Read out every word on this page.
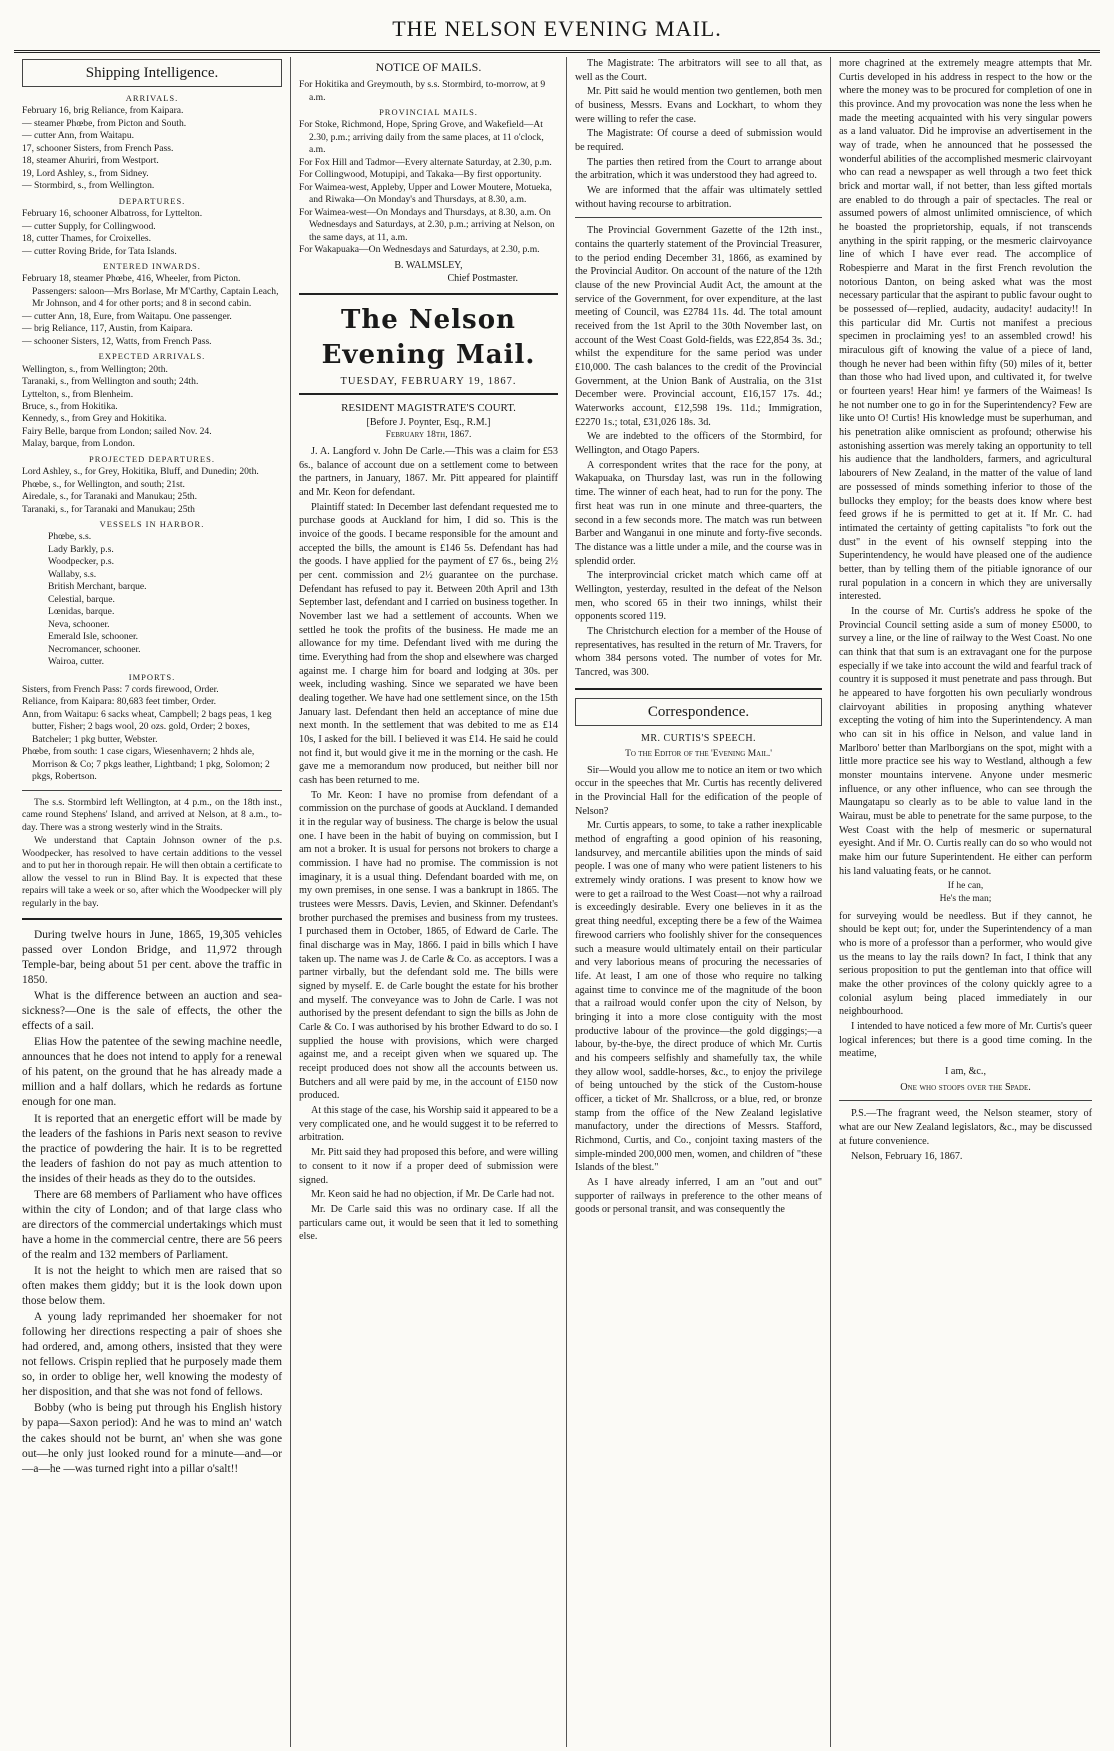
THE NELSON EVENING MAIL.
Shipping Intelligence.
ARRIVALS.

February 16, brig Reliance, from Kaipara.

— steamer Phœbe, from Picton and South.

— cutter Ann, from Waitapu.

17, schooner Sisters, from French Pass.

18, steamer Ahuriri, from Westport.

19, Lord Ashley, s., from Sidney.

— Stormbird, s., from Wellington.

DEPARTURES.

February 16, schooner Albatross, for Lyttelton.

— cutter Supply, for Collingwood.

18, cutter Thames, for Croixelles.

— cutter Roving Bride, for Tata Islands.

ENTERED INWARDS.

February 18, steamer Phœbe, 416, Wheeler, from Picton. Passengers: saloon—Mrs Borlase, Mr M'Carthy, Captain Leach, Mr Johnson, and 4 for other ports; and 8 in second cabin.

— cutter Ann, 18, Eure, from Waitapu. One passenger.

— brig Reliance, 117, Austin, from Kaipara.

— schooner Sisters, 12, Watts, from French Pass.

EXPECTED ARRIVALS.

Wellington, s., from Wellington; 20th.

Taranaki, s., from Wellington and south; 24th.

Lyttelton, s., from Blenheim.

Bruce, s., from Hokitika.

Kennedy, s., from Grey and Hokitika.

Fairy Belle, barque from London; sailed Nov. 24.

Malay, barque, from London.

PROJECTED DEPARTURES.

Lord Ashley, s., for Grey, Hokitika, Bluff, and Dunedin; 20th.

Phœbe, s., for Wellington, and south; 21st.

Airedale, s., for Taranaki and Manukau; 25th.

Taranaki, s., for Taranaki and Manukau; 25th

VESSELS IN HARBOR.

Phœbe, s.s.

Lady Barkly, p.s.

Woodpecker, p.s.

Wallaby, s.s.

British Merchant, barque.

Celestial, barque.

Lœnidas, barque.

Neva, schooner.

Emerald Isle, schooner.

Necromancer, schooner.

Wairoa, cutter.

IMPORTS.

Sisters, from French Pass: 7 cords firewood, Order.

Reliance, from Kaipara: 80,683 feet timber, Order.

Ann, from Waitapu: 6 sacks wheat, Campbell; 2 bags peas, 1 keg butter, Fisher; 2 bags wool, 20 ozs. gold, Order; 2 boxes, Batcheler; 1 pkg butter, Webster.

Phœbe, from south: 1 case cigars, Wiesenhavern; 2 hhds ale, Morrison & Co; 7 pkgs leather, Lightband; 1 pkg, Solomon; 2 pkgs, Robertson.

The s.s. Stormbird left Wellington, at 4 p.m., on the 18th inst., came round Stephens' Island, and arrived at Nelson, at 8 a.m., to-day. There was a strong westerly wind in the Straits.

We understand that Captain Johnson owner of the p.s. Woodpecker, has resolved to have certain additions to the vessel and to put her in thorough repair. He will then obtain a certificate to allow the vessel to run in Blind Bay. It is expected that these repairs will take a week or so, after which the Woodpecker will ply regularly in the bay.

During twelve hours in June, 1865, 19,305 vehicles passed over London Bridge, and 11,972 through Temple-bar, being about 51 per cent. above the traffic in 1850.

What is the difference between an auction and sea-sickness?—One is the sale of effects, the other the effects of a sail.

Elias How the patentee of the sewing machine needle, announces that he does not intend to apply for a renewal of his patent, on the ground that he has already made a million and a half dollars, which he redards as fortune enough for one man.

It is reported that an energetic effort will be made by the leaders of the fashions in Paris next season to revive the practice of powdering the hair. It is to be regretted the leaders of fashion do not pay as much attention to the insides of their heads as they do to the outsides.

There are 68 members of Parliament who have offices within the city of London; and of that large class who are directors of the commercial undertakings which must have a home in the commercial centre, there are 56 peers of the realm and 132 members of Parliament.

It is not the height to which men are raised that so often makes them giddy; but it is the look down upon those below them.

A young lady reprimanded her shoemaker for not following her directions respecting a pair of shoes she had ordered, and, among others, insisted that they were not fellows. Crispin replied that he purposely made them so, in order to oblige her, well knowing the modesty of her disposition, and that she was not fond of fellows.

Bobby (who is being put through his English history by papa—Saxon period): And he was to mind an' watch the cakes should not be burnt, an' when she was gone out—he only just looked round for a minute—and—or—a—he —was turned right into a pillar o'salt!!

NOTICE OF MAILS.

For Hokitika and Greymouth, by s.s. Stormbird, to-morrow, at 9 a.m.

PROVINCIAL MAILS.

For Stoke, Richmond, Hope, Spring Grove, and Wakefield—At 2.30, p.m.; arriving daily from the same places, at 11 o'clock, a.m.

For Fox Hill and Tadmor—Every alternate Saturday, at 2.30, p.m.

For Collingwood, Motupipi, and Takaka—By first opportunity.

For Waimea-west, Appleby, Upper and Lower Moutere, Motueka, and Riwaka—On Monday's and Thursdays, at 8.30, a.m.

For Waimea-west—On Mondays and Thursdays, at 8.30, a.m. On Wednesdays and Saturdays, at 2.30, p.m.; arriving at Nelson, on the same days, at 11, a.m.

For Wakapuaka—On Wednesdays and Saturdays, at 2.30, p.m.

B. WALMSLEY,

Chief Postmaster.

The Nelson Evening Mail.
TUESDAY, FEBRUARY 19, 1867.
RESIDENT MAGISTRATE'S COURT.
[Before J. Poynter, Esq., R.M.]
February 18th, 1867.

J. A. Langford v. John De Carle.—This was a claim for £53 6s., balance of account due on a settlement come to between the partners, in January, 1867. Mr. Pitt appeared for plaintiff and Mr. Keon for defendant.

Plaintiff stated: In December last defendant requested me to purchase goods at Auckland for him, I did so. This is the invoice of the goods. I became responsible for the amount and accepted the bills, the amount is £146 5s. Defendant has had the goods. I have applied for the payment of £7 6s., being 2½ per cent. commission and 2½ guarantee on the purchase. Defendant has refused to pay it. Between 20th April and 13th September last, defendant and I carried on business together. In November last we had a settlement of accounts. When we settled he took the profits of the business. He made me an allowance for my time. Defendant lived with me during the time. Everything had from the shop and elsewhere was charged against me. I charge him for board and lodging at 30s. per week, including washing. Since we separated we have been dealing together. We have had one settlement since, on the 15th January last. Defendant then held an acceptance of mine due next month. In the settlement that was debited to me as £14 10s, I asked for the bill. I believed it was £14. He said he could not find it, but would give it me in the morning or the cash. He gave me a memorandum now produced, but neither bill nor cash has been returned to me.

To Mr. Keon: I have no promise from defendant of a commission on the purchase of goods at Auckland. I demanded it in the regular way of business. The charge is below the usual one. I have been in the habit of buying on commission, but I am not a broker. It is usual for persons not brokers to charge a commission. I have had no promise. The commission is not imaginary, it is a usual thing. Defendant boarded with me, on my own premises, in one sense. I was a bankrupt in 1865. The trustees were Messrs. Davis, Levien, and Skinner. Defendant's brother purchased the premises and business from my trustees. I purchased them in October, 1865, of Edward de Carle. The final discharge was in May, 1866. I paid in bills which I have taken up. The name was J. de Carle & Co. as acceptors. I was a partner virbally, but the defendant sold me. The bills were signed by myself. E. de Carle bought the estate for his brother and myself. The conveyance was to John de Carle. I was not authorised by the present defendant to sign the bills as John de Carle & Co. I was authorised by his brother Edward to do so. I supplied the house with provisions, which were charged against me, and a receipt given when we squared up. The receipt produced does not show all the accounts between us. Butchers and all were paid by me, in the account of £150 now produced.

At this stage of the case, his Worship said it appeared to be a very complicated one, and he would suggest it to be referred to arbitration.

Mr. Pitt said they had proposed this before, and were willing to consent to it now if a proper deed of submission were signed.

Mr. Keon said he had no objection, if Mr. De Carle had not.

Mr. De Carle said this was no ordinary case. If all the particulars came out, it would be seen that it led to something else.

The Magistrate: The arbitrators will see to all that, as well as the Court.

Mr. Pitt said he would mention two gentlemen, both men of business, Messrs. Evans and Lockhart, to whom they were willing to refer the case.

The Magistrate: Of course a deed of submission would be required.

The parties then retired from the Court to arrange about the arbitration, which it was understood they had agreed to.

We are informed that the affair was ultimately settled without having recourse to arbitration.

The Provincial Government Gazette of the 12th inst., contains the quarterly statement of the Provincial Treasurer, to the period ending December 31, 1866, as examined by the Provincial Auditor. On account of the nature of the 12th clause of the new Provincial Audit Act, the amount at the service of the Government, for over expenditure, at the last meeting of Council, was £2784 11s. 4d. The total amount received from the 1st April to the 30th November last, on account of the West Coast Gold-fields, was £22,854 3s. 3d.; whilst the expenditure for the same period was under £10,000. The cash balances to the credit of the Provincial Government, at the Union Bank of Australia, on the 31st December were. Provincial account, £16,157 17s. 4d.; Waterworks account, £12,598 19s. 11d.; Immigration, £2270 1s.; total, £31,026 18s. 3d.

We are indebted to the officers of the Stormbird, for Wellington, and Otago Papers.

A correspondent writes that the race for the pony, at Wakapuaka, on Thursday last, was run in the following time. The winner of each heat, had to run for the pony. The first heat was run in one minute and three-quarters, the second in a few seconds more. The match was run between Barber and Wanganui in one minute and forty-five seconds. The distance was a little under a mile, and the course was in splendid order.

The interprovincial cricket match which came off at Wellington, yesterday, resulted in the defeat of the Nelson men, who scored 65 in their two innings, whilst their opponents scored 119.

The Christchurch election for a member of the House of representatives, has resulted in the return of Mr. Travers, for whom 384 persons voted. The number of votes for Mr. Tancred, was 300.

Correspondence.
MR. CURTIS'S SPEECH.
To the Editor of the 'Evening Mail.'

Sir—Would you allow me to notice an item or two which occur in the speeches that Mr. Curtis has recently delivered in the Provincial Hall for the edification of the people of Nelson?

Mr. Curtis appears, to some, to take a rather inexplicable method of engrafting a good opinion of his reasoning, landsurvey, and mercantile abilities upon the minds of said people. I was one of many who were patient listeners to his extremely windy orations. I was present to know how we were to get a railroad to the West Coast—not why a railroad is exceedingly desirable. Every one believes in it as the great thing needful, excepting there be a few of the Waimea firewood carriers who foolishly shiver for the consequences such a measure would ultimately entail on their particular and very laborious means of procuring the necessaries of life. At least, I am one of those who require no talking against time to convince me of the magnitude of the boon that a railroad would confer upon the city of Nelson, by bringing it into a more close contiguity with the most productive labour of the province—the gold diggings;—a labour, by-the-bye, the direct produce of which Mr. Curtis and his compeers selfishly and shamefully tax, the while they allow wool, saddle-horses, &c., to enjoy the privilege of being untouched by the stick of the Custom-house officer, a ticket of Mr. Shallcross, or a blue, red, or bronze stamp from the office of the New Zealand legislative manufactory, under the directions of Messrs. Stafford, Richmond, Curtis, and Co., conjoint taxing masters of the simple-minded 200,000 men, women, and children of "these Islands of the blest."

As I have already inferred, I am an "out and out" supporter of railways in preference to the other means of goods or personal transit, and was consequently the

more chagrined at the extremely meagre attempts that Mr. Curtis developed in his address in respect to the how or the where the money was to be procured for completion of one in this province. And my provocation was none the less when he made the meeting acquainted with his very singular powers as a land valuator. Did he improvise an advertisement in the way of trade, when he announced that he possessed the wonderful abilities of the accomplished mesmeric clairvoyant who can read a newspaper as well through a two feet thick brick and mortar wall, if not better, than less gifted mortals are enabled to do through a pair of spectacles. The real or assumed powers of almost unlimited omniscience, of which he boasted the proprietorship, equals, if not transcends anything in the spirit rapping, or the mesmeric clairvoyance line of which I have ever read. The accomplice of Robespierre and Marat in the first French revolution the notorious Danton, on being asked what was the most necessary particular that the aspirant to public favour ought to be possessed of—replied, audacity, audacity! audacity!! In this particular did Mr. Curtis not manifest a precious specimen in proclaiming yes! to an assembled crowd! his miraculous gift of knowing the value of a piece of land, though he never had been within fifty (50) miles of it, better than those who had lived upon, and cultivated it, for twelve or fourteen years! Hear him! ye farmers of the Waimeas! Is he not number one to go in for the Superintendency? Few are like unto O! Curtis! His knowledge must be superhuman, and his penetration alike omniscient as profound; otherwise his astonishing assertion was merely taking an opportunity to tell his audience that the landholders, farmers, and agricultural labourers of New Zealand, in the matter of the value of land are possessed of minds something inferior to those of the bullocks they employ; for the beasts does know where best feed grows if he is permitted to get at it. If Mr. C. had intimated the certainty of getting capitalists "to fork out the dust" in the event of his ownself stepping into the Superintendency, he would have pleased one of the audience better, than by telling them of the pitiable ignorance of our rural population in a concern in which they are universally interested.

In the course of Mr. Curtis's address he spoke of the Provincial Council setting aside a sum of money £5000, to survey a line, or the line of railway to the West Coast. No one can think that that sum is an extravagant one for the purpose especially if we take into account the wild and fearful track of country it is supposed it must penetrate and pass through. But he appeared to have forgotten his own peculiarly wondrous clairvoyant abilities in proposing anything whatever excepting the voting of him into the Superintendency. A man who can sit in his office in Nelson, and value land in Marlboro' better than Marlborgians on the spot, might with a little more practice see his way to Westland, although a few monster mountains intervene. Anyone under mesmeric influence, or any other influence, who can see through the Maungatapu so clearly as to be able to value land in the Wairau, must be able to penetrate for the same purpose, to the West Coast with the help of mesmeric or supernatural eyesight. And if Mr. O. Curtis really can do so who would not make him our future Superintendent. He either can perform his land valuating feats, or he cannot.

If he can,
He's the man;

for surveying would be needless. But if they cannot, he should be kept out; for, under the Superintendency of a man who is more of a professor than a performer, who would give us the means to lay the rails down? In fact, I think that any serious proposition to put the gentleman into that office will make the other provinces of the colony quickly agree to a colonial asylum being placed immediately in our neighbourhood.

I intended to have noticed a few more of Mr. Curtis's queer logical inferences; but there is a good time coming. In the meatime,

I am, &c.,

One who stoops over the Spade.

P.S.—The fragrant weed, the Nelson steamer, story of what are our New Zealand legislators, &c., may be discussed at future convenience.

Nelson, February 16, 1867.
